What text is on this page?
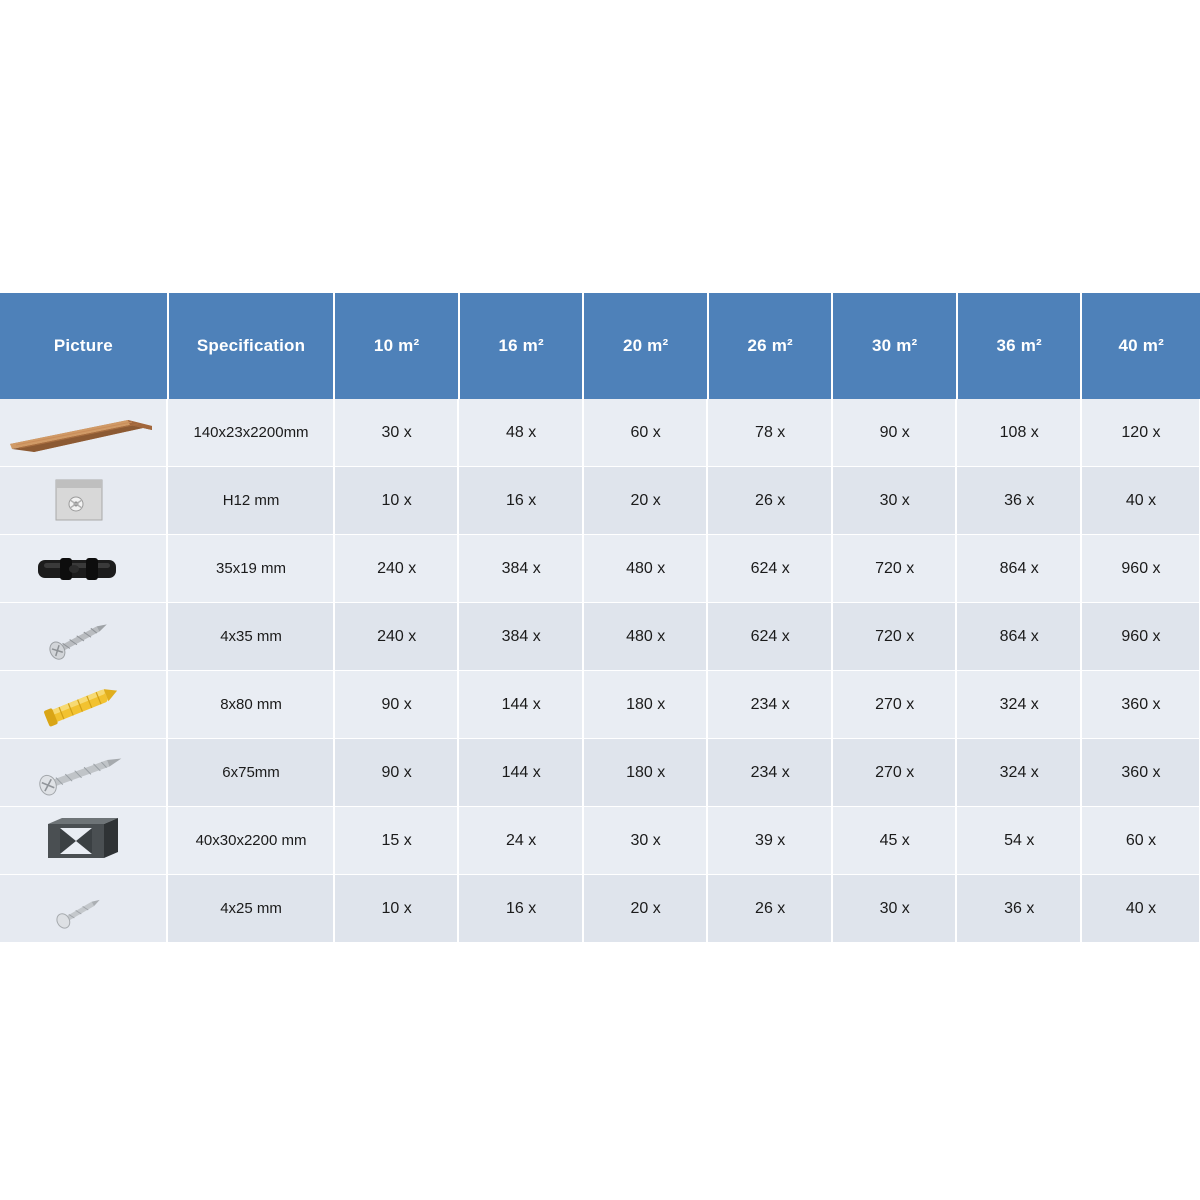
Picture	Specification	10 m²	16 m²	20 m²	26 m²	30 m²	36 m²	40 m²

	140x23x2200mm	30 x	48 x	60 x	78 x	90 x	108 x	120 x

	H12 mm	10 x	16 x	20 x	26 x	30 x	36 x	40 x

	35x19 mm	240 x	384 x	480 x	624 x	720 x	864 x	960 x

	4x35 mm	240 x	384 x	480 x	624 x	720 x	864 x	960 x

	8x80 mm	90 x	144 x	180 x	234 x	270 x	324 x	360 x

	6x75mm	90 x	144 x	180 x	234 x	270 x	324 x	360 x

	40x30x2200 mm	15 x	24 x	30 x	39 x	45 x	54 x	60 x

	4x25 mm	10 x	16 x	20 x	26 x	30 x	36 x	40 x
